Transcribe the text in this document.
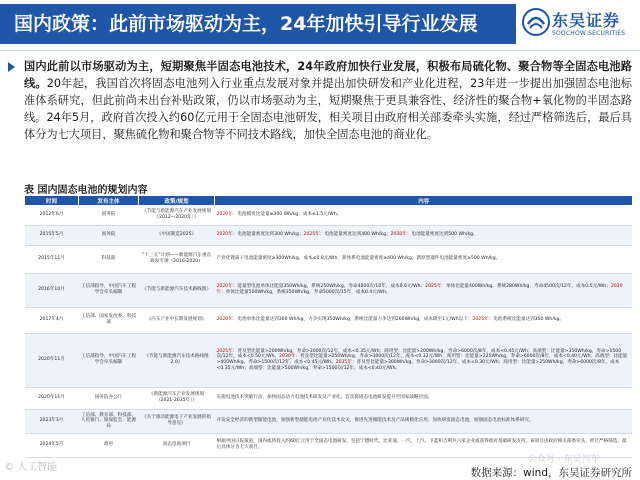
国内政策：此前市场驱动为主，24年加快引导行业发展	东吴证券
SOOCHOW SECURITIES
国内此前以市场驱动为主，短期聚焦半固态电池技术，24年政府加快行业发展，积极布局硫化物、聚合物等全固态电池路线。20年起，我国首次将固态电池列入行业重点发展对象并提出加快研发和产业化进程，23年进一步提出加强固态电池标准体系研究，但此前尚未出台补贴政策，仍以市场驱动为主，短期聚焦于更具兼容性、经济性的聚合物+氧化物的半固态路线。24年5月，政府首次投入约60亿元用于全固态电池研发，相关项目由政府相关部委牵头实施，经过严格筛选后，最后具体分为七大项目，聚焦硫化物和聚合物等不同技术路线，加快全固态电池的商业化。
表 国内固态电池的规划内容
时间	发布主体	政策/规划	内容
2012年6月	国务院	《节能与新能源汽车产业发展规划（2012—2020年）》	2020年：电池模块比能量≥300 Wh/kg，成本≤1.5元/Wh。
2015年5月	国务院	《中国制造2025》	2020年：电池能量密度达到300 Wh/kg；2025年：电池能量密度达到400 Wh/kg；2030年：电池能量密度达到500 Wh/kg。
2015年11月	科技部	“十三五”计划——新能源汽车重点研发专项（2016-2020）	产业化锂离子电池能量密度≥300Wh/kg，成本≤0.8元/Wh，新体系电池能量密度≥400 Wh/kg，新原型器件电池能量密度≥500 Wh/kg。
2016年10月	工信部指导，中国汽车工程学会牵头编制	《节能与新能源汽车技术路线图》	2020年：能量型电池单体比能量350Wh/kg，系统250Wh/kg，寿命4000次/10年，成本0.6元/Wh；2025年：单体比能量400Wh/kg，系统280Wh/kg，寿命4500次/12年，成本0.5元/Wh；2030年：单体比能量500Wh/kg，系统350Wh/kg，寿命5000次/15年，成本0.4元/Wh。
2017年4月	工信部、国家发改委、科技部	《汽车产业中长期发展规划》	2020年：电池单体比能量达到300 Wh/kg，力争实现350Wh/kg，系统比能量力争达到260Wh/kg，成本降至1元/Wh以下；2025年：电池系统比能量达到350 Wh/kg。
2020年11月	工信部指导，中国汽车工程学会牵头编制	《节能与新能源汽车技术路线图2.0》	2025年：普及型比能量>200Wh/kg，寿命>3000次/12年，成本<0.35元/Wh；商用型：比能量>200Wh/kg，寿命>6000次/8年，成本<0.45元/Wh；高端型：比能量>350Wh/kg，寿命>1500次/12年，成本<0.50元/Wh。2030年：普及型比能量>250Wh/kg，寿命>3000次/12年，成本<0.32元/Wh；商用型：比能量>225Wh/kg，寿命>6000次/8年，成本<0.40元/Wh；高端型：比能量>400Wh/kg，寿命>1500次/12年，成本<0.45元/Wh。2035年：普及型比能量>300Wh/kg，寿命>3000次/12年，成本<0.30元/Wh；商用型：比能量>250Wh/kg，寿命>6000次/8年，成本<0.35元/Wh；高端型：比能量>500Wh/kg，寿命>1500次/12年，成本<0.40元/Wh。
2020年11月	国务院办公厅	《新能源汽车产业发展规划（2021-2035年）》	实施电池技术突破行动，加快固态动力电池技术研发及产业化，首次将固态电池研发提升至国家战略层面。
2023年1月	工信部、教育部、科技部、人民银行、银保监会、能源局	《关于推动能源电子产业发展的指导意见》	开发安全经济的新型储能电池，加强新型储能电池产业化技术攻关，推进先进储能技术及产品规模化应用；加快研发固态电池，加强固态电池标准体系研究。
2024年5月	政府	固态电池项目	根据中国日报报道，国内或将投入约60亿元用于全固态电池研发，包括宁德时代、比亚迪、一汽、上汽、卫蓝和吉利共六家企业或获得政府基础研发支持。该项目由政府相关部委牵头，经过严格筛选，最后具体分为七大项目。
© 人工智能
公众号 · 东吴汽车
数据来源：wind，东吴证券研究所
